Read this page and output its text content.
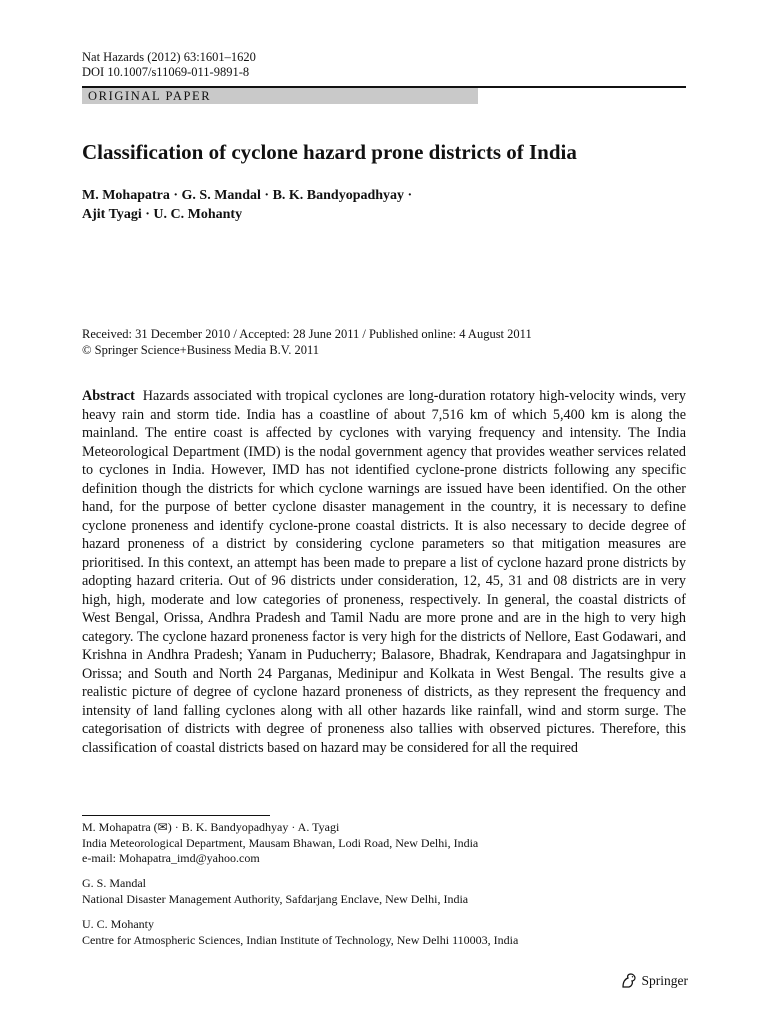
Nat Hazards (2012) 63:1601–1620
DOI 10.1007/s11069-011-9891-8
ORIGINAL PAPER
Classification of cyclone hazard prone districts of India
M. Mohapatra · G. S. Mandal · B. K. Bandyopadhyay ·
Ajit Tyagi · U. C. Mohanty
Received: 31 December 2010 / Accepted: 28 June 2011 / Published online: 4 August 2011
© Springer Science+Business Media B.V. 2011
Abstract Hazards associated with tropical cyclones are long-duration rotatory high-velocity winds, very heavy rain and storm tide. India has a coastline of about 7,516 km of which 5,400 km is along the mainland. The entire coast is affected by cyclones with varying frequency and intensity. The India Meteorological Department (IMD) is the nodal government agency that provides weather services related to cyclones in India. However, IMD has not identified cyclone-prone districts following any specific definition though the districts for which cyclone warnings are issued have been identified. On the other hand, for the purpose of better cyclone disaster management in the country, it is necessary to define cyclone proneness and identify cyclone-prone coastal districts. It is also necessary to decide degree of hazard proneness of a district by considering cyclone parameters so that mitigation measures are prioritised. In this context, an attempt has been made to prepare a list of cyclone hazard prone districts by adopting hazard criteria. Out of 96 districts under consideration, 12, 45, 31 and 08 districts are in very high, high, moderate and low categories of proneness, respectively. In general, the coastal districts of West Bengal, Orissa, Andhra Pradesh and Tamil Nadu are more prone and are in the high to very high category. The cyclone hazard proneness factor is very high for the districts of Nellore, East Godawari, and Krishna in Andhra Pradesh; Yanam in Puducherry; Balasore, Bhadrak, Kendrapara and Jagatsinghpur in Orissa; and South and North 24 Parganas, Medinipur and Kolkata in West Bengal. The results give a realistic picture of degree of cyclone hazard proneness of districts, as they represent the frequency and intensity of land falling cyclones along with all other hazards like rainfall, wind and storm surge. The categorisation of districts with degree of proneness also tallies with observed pictures. Therefore, this classification of coastal districts based on hazard may be considered for all the required
M. Mohapatra (✉) · B. K. Bandyopadhyay · A. Tyagi
India Meteorological Department, Mausam Bhawan, Lodi Road, New Delhi, India
e-mail: Mohapatra_imd@yahoo.com
G. S. Mandal
National Disaster Management Authority, Safdarjang Enclave, New Delhi, India
U. C. Mohanty
Centre for Atmospheric Sciences, Indian Institute of Technology, New Delhi 110003, India
Springer
